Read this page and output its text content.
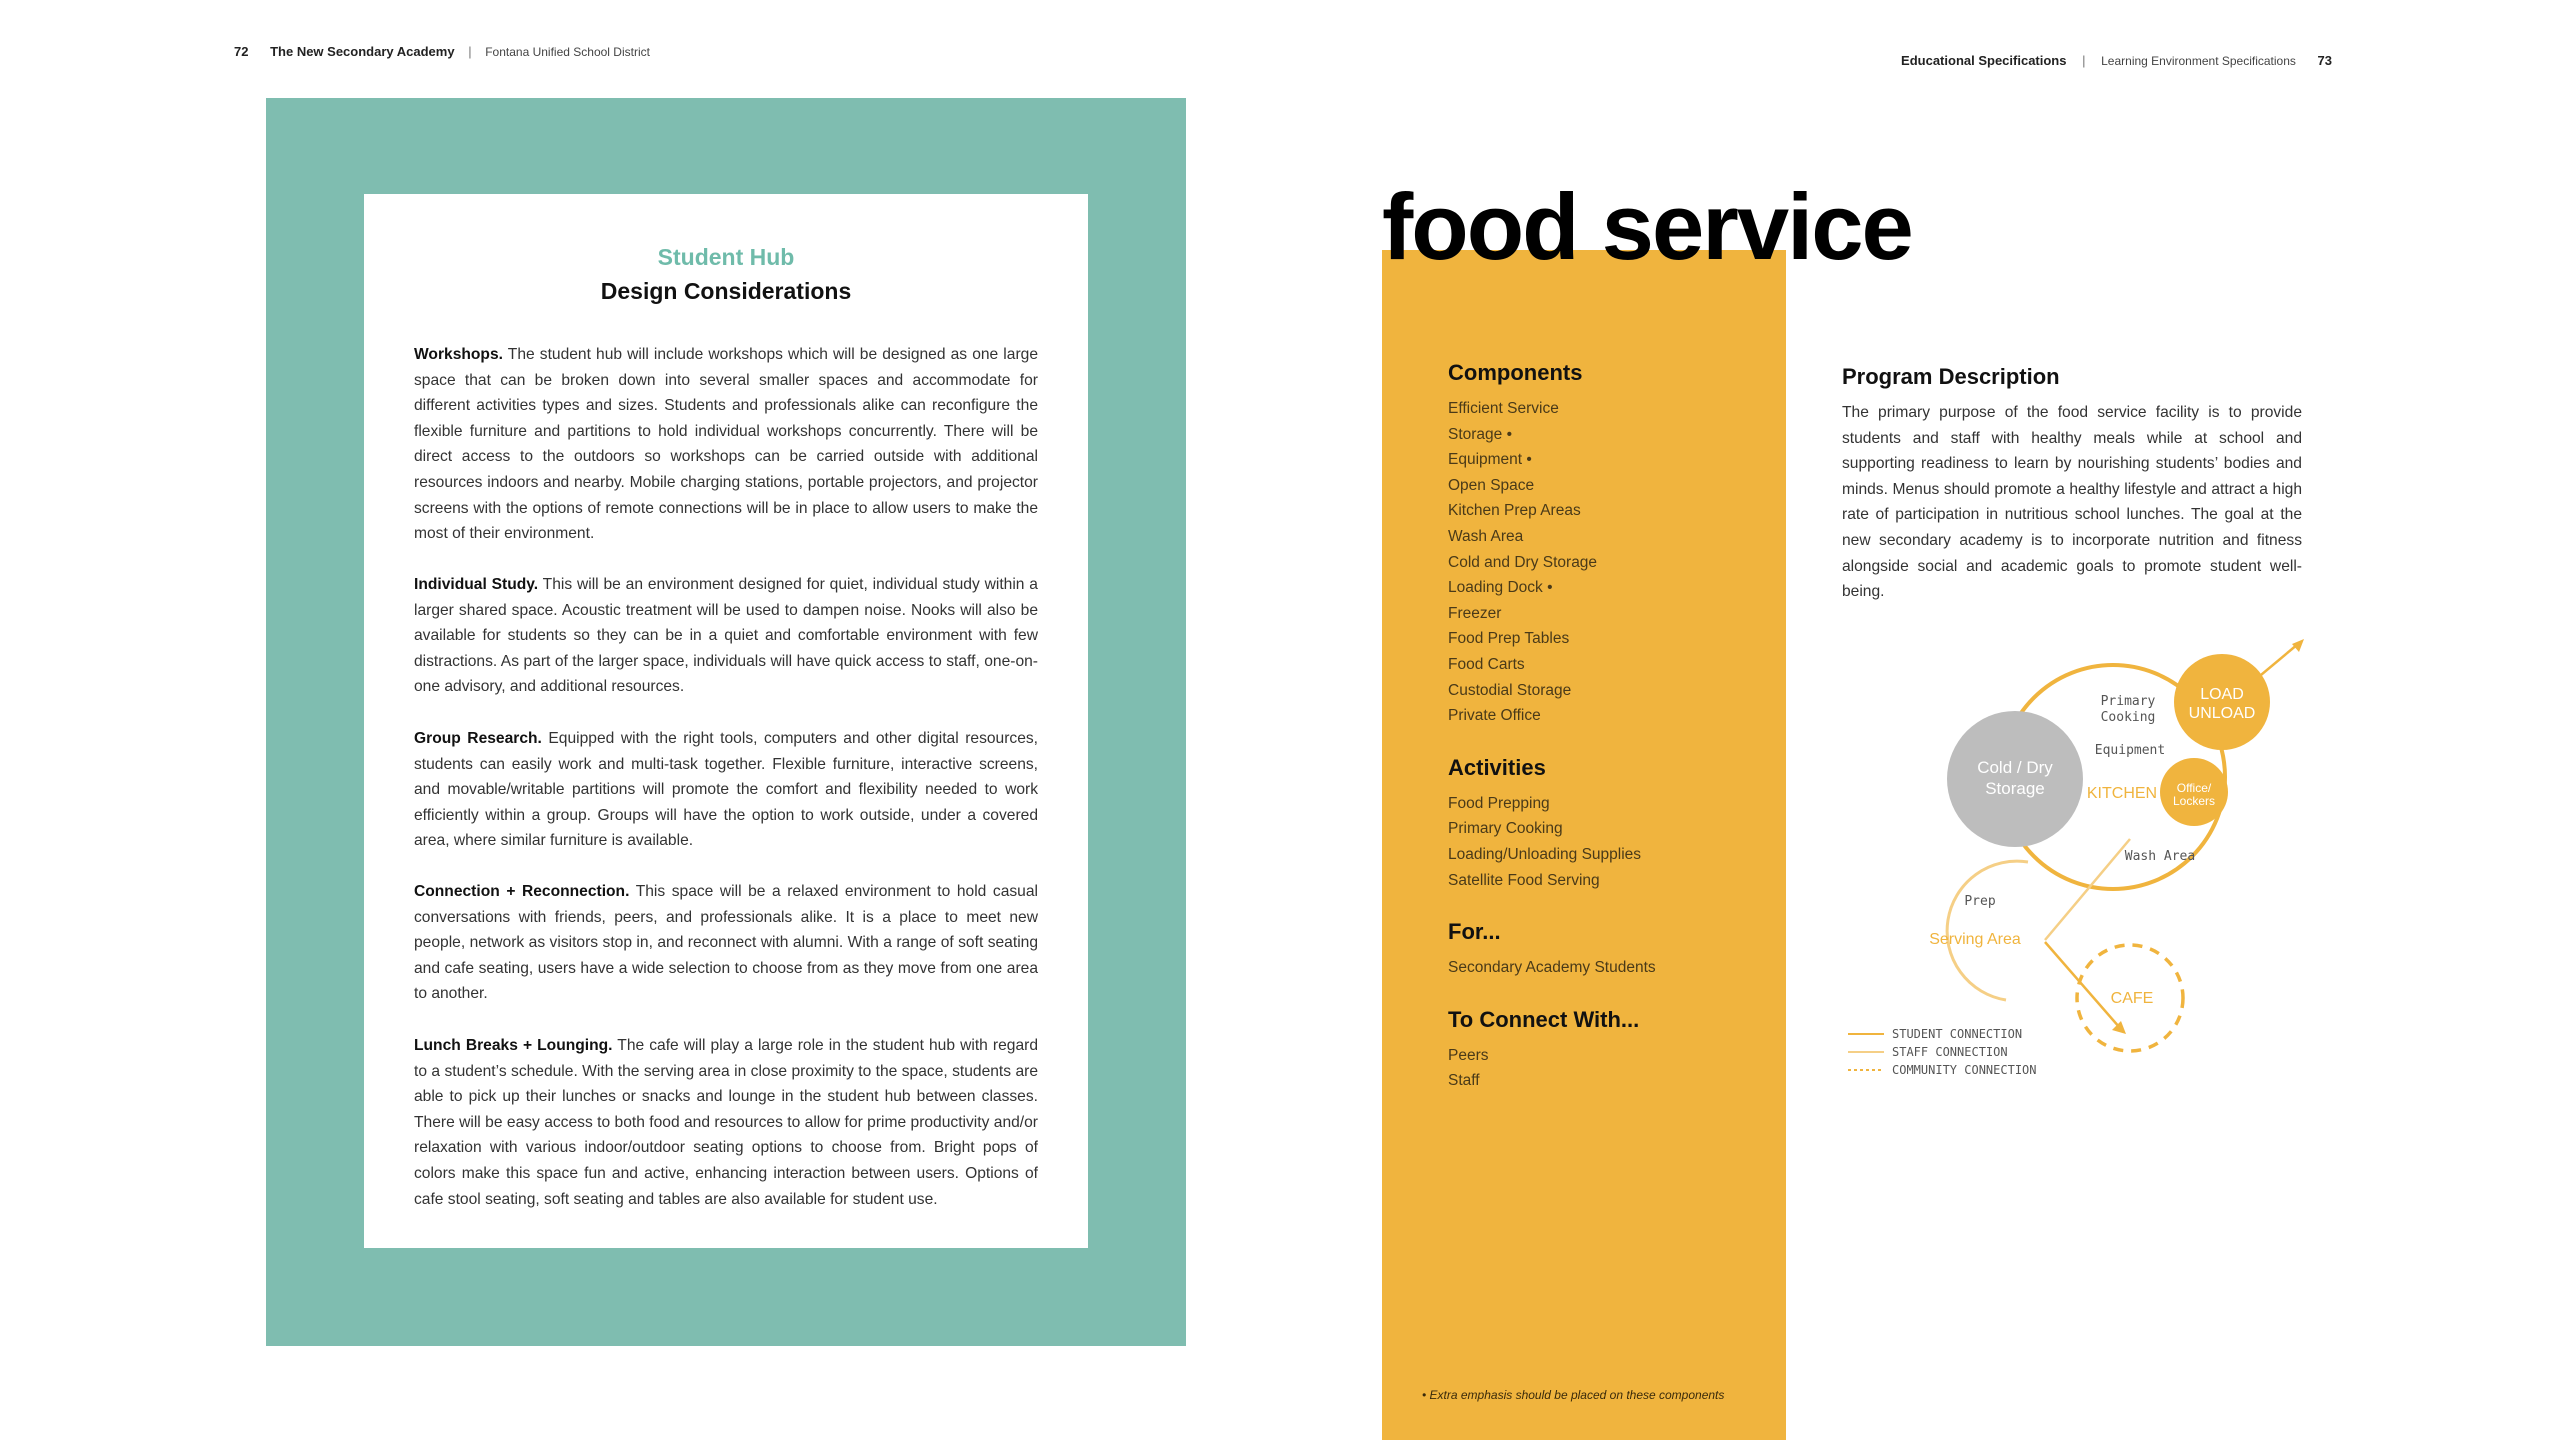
72 The New Secondary Academy | Fontana Unified School District
Educational Specifications | Learning Environment Specifications 73
Student Hub
Design Considerations
Workshops. The student hub will include workshops which will be designed as one large space that can be broken down into several smaller spaces and accommodate for different activities types and sizes. Students and professionals alike can reconfigure the flexible furniture and partitions to hold individual workshops concurrently. There will be direct access to the outdoors so workshops can be carried outside with additional resources indoors and nearby. Mobile charging stations, portable projectors, and projector screens with the options of remote connections will be in place to allow users to make the most of their environment.
Individual Study. This will be an environment designed for quiet, individual study within a larger shared space. Acoustic treatment will be used to dampen noise. Nooks will also be available for students so they can be in a quiet and comfortable environment with few distractions. As part of the larger space, individuals will have quick access to staff, one-on-one advisory, and additional resources.
Group Research. Equipped with the right tools, computers and other digital resources, students can easily work and multi-task together. Flexible furniture, interactive screens, and movable/writable partitions will promote the comfort and flexibility needed to work efficiently within a group. Groups will have the option to work outside, under a covered area, where similar furniture is available.
Connection + Reconnection. This space will be a relaxed environment to hold casual conversations with friends, peers, and professionals alike. It is a place to meet new people, network as visitors stop in, and reconnect with alumni. With a range of soft seating and cafe seating, users have a wide selection to choose from as they move from one area to another.
Lunch Breaks + Lounging. The cafe will play a large role in the student hub with regard to a student’s schedule. With the serving area in close proximity to the space, students are able to pick up their lunches or snacks and lounge in the student hub between classes. There will be easy access to both food and resources to allow for prime productivity and/or relaxation with various indoor/outdoor seating options to choose from. Bright pops of colors make this space fun and active, enhancing interaction between users. Options of cafe stool seating, soft seating and tables are also available for student use.
food service
Components
Efficient Service
Storage •
Equipment •
Open Space
Kitchen Prep Areas
Wash Area
Cold and Dry Storage
Loading Dock •
Freezer
Food Prep Tables
Food Carts
Custodial Storage
Private Office
Activities
Food Prepping
Primary Cooking
Loading/Unloading Supplies
Satellite Food Serving
For...
Secondary Academy Students
To Connect With...
Peers
Staff
• Extra emphasis should be placed on these components
Program Description
The primary purpose of the food service facility is to provide students and staff with healthy meals while at school and supporting readiness to learn by nourishing students’ bodies and minds. Menus should promote a healthy lifestyle and attract a high rate of participation in nutritious school lunches. The goal at the new secondary academy is to incorporate nutrition and fitness alongside social and academic goals to promote student well-being.
Cold / Dry
Storage
LOAD
UNLOAD
Office/
Lockers
Primary
Cooking
Equipment
KITCHEN
Wash Area
Prep
Serving Area
CAFE
STUDENT CONNECTION
STAFF CONNECTION
COMMUNITY CONNECTION
